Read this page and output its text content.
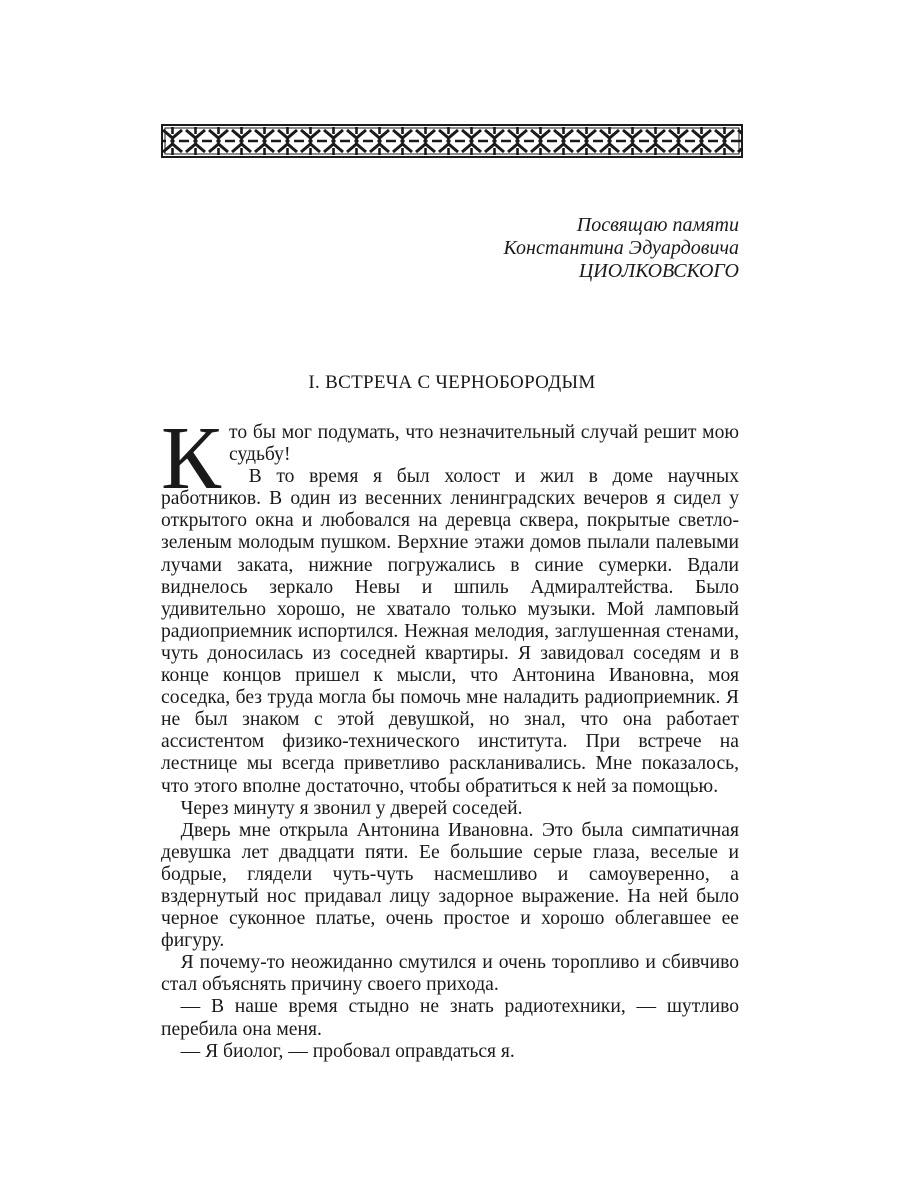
Посвящаю памяти
Константина Эдуардовича
ЦИОЛКОВСКОГО
I. ВСТРЕЧА С ЧЕРНОБОРОДЫМ

Кто бы мог подумать, что незначительный случай решит мою судьбу!

В то время я был холост и жил в доме научных работников. В один из весенних ленинградских вечеров я сидел у открытого окна и любовался на деревца сквера, покрытые светло-зеленым молодым пушком. Верхние этажи домов пылали палевыми лучами заката, нижние погружались в синие сумерки. Вдали виднелось зеркало Невы и шпиль Адмиралтейства. Было удивительно хорошо, не хватало только музыки. Мой ламповый радиоприемник испортился. Нежная мелодия, заглушенная стенами, чуть доносилась из соседней квартиры. Я завидовал соседям и в конце концов пришел к мысли, что Антонина Ивановна, моя соседка, без труда могла бы помочь мне наладить радиоприемник. Я не был знаком с этой девушкой, но знал, что она работает ассистентом физико-технического института. При встрече на лестнице мы всегда приветливо раскланивались. Мне показалось, что этого вполне достаточно, чтобы обратиться к ней за помощью.

Через минуту я звонил у дверей соседей.

Дверь мне открыла Антонина Ивановна. Это была симпатичная девушка лет двадцати пяти. Ее большие серые глаза, веселые и бодрые, глядели чуть-чуть насмешливо и самоуверенно, а вздернутый нос придавал лицу задорное выражение. На ней было черное суконное платье, очень простое и хорошо облегавшее ее фигуру.

Я почему-то неожиданно смутился и очень торопливо и сбивчиво стал объяснять причину своего прихода.

— В наше время стыдно не знать радиотехники, — шутливо перебила она меня.

— Я биолог, — пробовал оправдаться я.
